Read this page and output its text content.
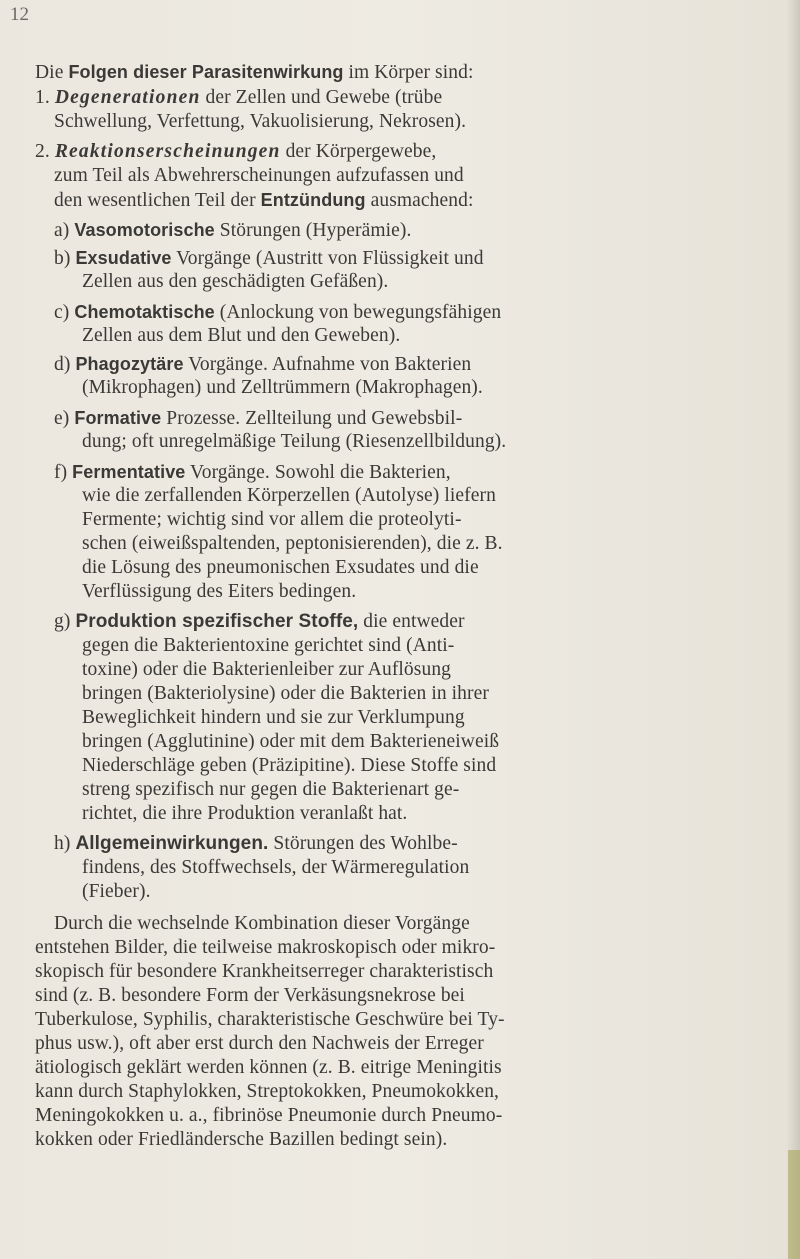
12
Die Folgen dieser Parasitenwirkung im Körper sind:
1. Degenerationen der Zellen und Gewebe (trübe
Schwellung, Verfettung, Vakuolisierung, Nekrosen).
2. Reaktionserscheinungen der Körpergewebe,
zum Teil als Abwehrerscheinungen aufzufassen und
den wesentlichen Teil der Entzündung ausmachend:
a) Vasomotorische Störungen (Hyperämie).
b) Exsudative Vorgänge (Austritt von Flüssigkeit und
Zellen aus den geschädigten Gefäßen).
c) Chemotaktische (Anlockung von bewegungsfähigen
Zellen aus dem Blut und den Geweben).
d) Phagozytäre Vorgänge. Aufnahme von Bakterien
(Mikrophagen) und Zelltrümmern (Makrophagen).
e) Formative Prozesse. Zellteilung und Gewebsbil-
dung; oft unregelmäßige Teilung (Riesenzellbildung).
f) Fermentative Vorgänge. Sowohl die Bakterien,
wie die zerfallenden Körperzellen (Autolyse) liefern
Fermente; wichtig sind vor allem die proteolyti-
schen (eiweißspaltenden, peptonisierenden), die z. B.
die Lösung des pneumonischen Exsudates und die
Verflüssigung des Eiters bedingen.
g) Produktion spezifischer Stoffe, die entweder
gegen die Bakterientoxine gerichtet sind (Anti-
toxine) oder die Bakterienleiber zur Auflösung
bringen (Bakteriolysine) oder die Bakterien in ihrer
Beweglichkeit hindern und sie zur Verklumpung
bringen (Agglutinine) oder mit dem Bakterieneiweiß
Niederschläge geben (Präzipitine). Diese Stoffe sind
streng spezifisch nur gegen die Bakterienart ge-
richtet, die ihre Produktion veranlaßt hat.
h) Allgemeinwirkungen. Störungen des Wohlbe-
findens, des Stoffwechsels, der Wärmeregulation
(Fieber).
Durch die wechselnde Kombination dieser Vorgänge
entstehen Bilder, die teilweise makroskopisch oder mikro-
skopisch für besondere Krankheitserreger charakteristisch
sind (z. B. besondere Form der Verkäsungsnekrose bei
Tuberkulose, Syphilis, charakteristische Geschwüre bei Ty-
phus usw.), oft aber erst durch den Nachweis der Erreger
ätiologisch geklärt werden können (z. B. eitrige Meningitis
kann durch Staphylokken, Streptokokken, Pneumokokken,
Meningokokken u. a., fibrinöse Pneumonie durch Pneumo-
kokken oder Friedländersche Bazillen bedingt sein).
